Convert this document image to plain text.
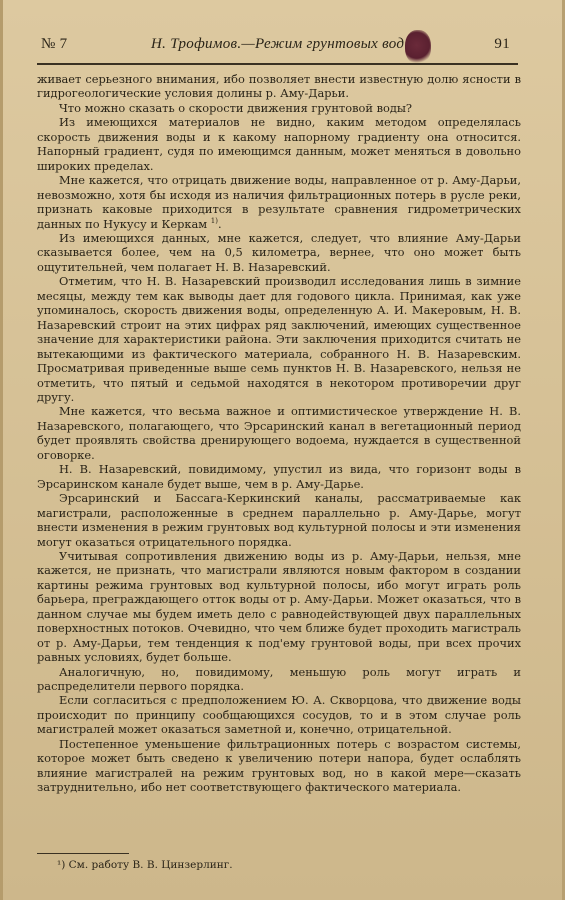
№ 7	Н. Трофимов.—Режим грунтовых вод	91

живает серьезного внимания, ибо позволяет внести известную долю ясности в гидрогеологические условия долины р. Аму-Дарьи.

Что можно сказать о скорости движения грунтовой воды?

Из имеющихся материалов не видно, каким методом определялась скорость движения воды и к какому напорному градиенту она относится. Напорный градиент, судя по имеющимся данным, может меняться в довольно широких пределах.

Мне кажется, что отрицать движение воды, направленное от р. Аму-Дарьи, невозможно, хотя бы исходя из наличия фильтрационных потерь в русле реки, признать каковые приходится в результате сравнения гидрометрических данных по Нукусу и Керкам $^{1)}$.

Из имеющихся данных, мне кажется, следует, что влияние Аму-Дарьи сказывается более, чем на 0,5 километра, вернее, что оно может быть ощутительней, чем полагает Н. В. Назаревский.

Отметим, что Н. В. Назаревский производил исследования лишь в зимние месяцы, между тем как выводы дает для годового цикла. Принимая, как уже упоминалось, скорость движения воды, определенную А. И. Макеровым, Н. В. Назаревский строит на этих цифрах ряд заключений, имеющих существенное значение для характеристики района. Эти заключения приходится считать не вытекающими из фактического материала, собранного Н. В. Назаревским. Просматривая приведенные выше семь пунктов Н. В. Назаревского, нельзя не отметить, что пятый и седьмой находятся в некотором противоречии друг другу.

Мне кажется, что весьма важное и оптимистическое утверждение Н. В. Назаревского, полагающего, что Эрсаринский канал в вегетационный период будет проявлять свойства дренирующего водоема, нуждается в существенной оговорке.

Н. В. Назаревский, повидимому, упустил из вида, что горизонт воды в Эрсаринском канале будет выше, чем в р. Аму-Дарье.

Эрсаринский и Бассага-Керкинский каналы, рассматриваемые как магистрали, расположенные в среднем параллельно р. Аму-Дарье, могут внести изменения в режим грунтовых вод культурной полосы и эти изменения могут оказаться отрицательного порядка.

Учитывая сопротивления движению воды из р. Аму-Дарьи, нельзя, мне кажется, не признать, что магистрали являются новым фактором в создании картины режима грунтовых вод культурной полосы, ибо могут играть роль барьера, преграждающего отток воды от р. Аму-Дарьи. Может оказаться, что в данном случае мы будем иметь дело с равнодействующей двух параллельных поверхностных потоков. Очевидно, что чем ближе будет проходить магистраль от р. Аму-Дарьи, тем тенденция к под'ему грунтовой воды, при всех прочих равных условиях, будет больше.

Аналогичную, но, повидимому, меньшую роль могут играть и распределители первого порядка.

Если согласиться с предположением Ю. А. Скворцова, что движение воды происходит по принципу сообщающихся сосудов, то и в этом случае роль магистралей может оказаться заметной и, конечно, отрицательной.

Постепенное уменьшение фильтрационных потерь с возрастом системы, которое может быть сведено к увеличению потери напора, будет ослаблять влияние магистралей на режим грунтовых вод, но в какой мере—сказать затруднительно, ибо нет соответствующего фактического материала.

¹) См. работу В. В. Цинзерлинг.
